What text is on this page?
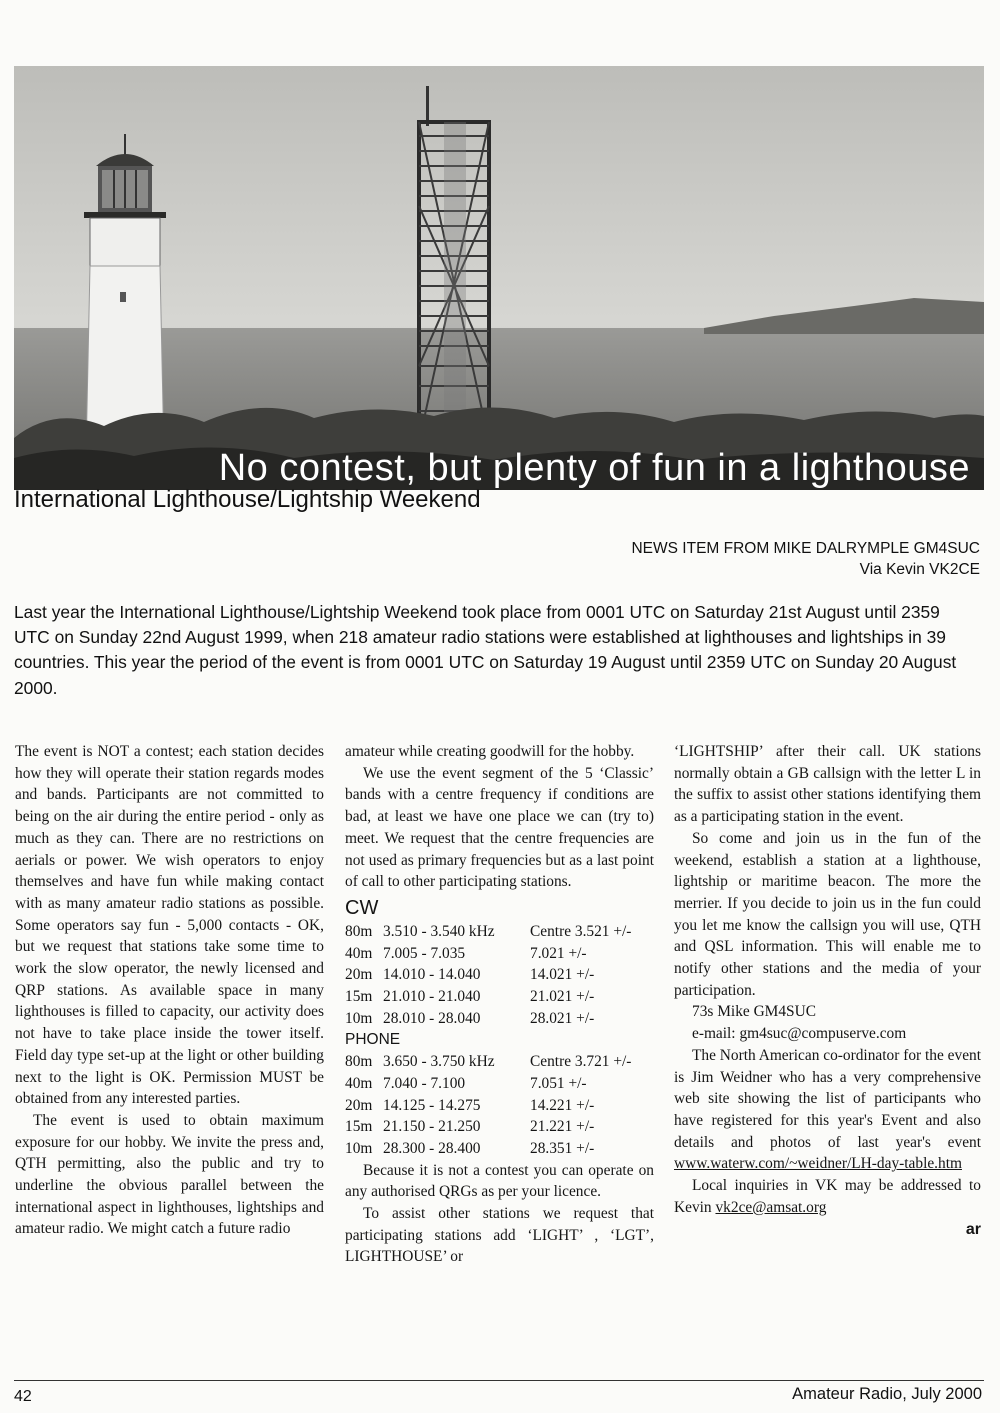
No contest, but plenty of fun in a lighthouse
International Lighthouse/Lightship Weekend
NEWS ITEM FROM MIKE DALRYMPLE GM4SUC
Via Kevin VK2CE
Last year the International Lighthouse/Lightship Weekend took place from 0001 UTC on Saturday 21st August until 2359 UTC on Sunday 22nd August 1999, when 218 amateur radio stations were established at lighthouses and lightships in 39 countries. This year the period of the event is from 0001 UTC on Saturday 19 August until 2359 UTC on Sunday 20 August 2000.

The event is NOT a contest; each station decides how they will operate their station regards modes and bands. Participants are not committed to being on the air during the entire period - only as much as they can. There are no restrictions on aerials or power. We wish operators to enjoy themselves and have fun while making contact with as many amateur radio stations as possible. Some operators say fun - 5,000 contacts - OK, but we request that stations take some time to work the slow operator, the newly licensed and QRP stations. As available space in many lighthouses is filled to capacity, our activity does not have to take place inside the tower itself. Field day type set-up at the light or other building next to the light is OK. Permission MUST be obtained from any interested parties.

The event is used to obtain maximum exposure for our hobby. We invite the press and, QTH permitting, also the public and try to underline the obvious parallel between the international aspect in lighthouses, lightships and amateur radio. We might catch a future radio

amateur while creating goodwill for the hobby.

We use the event segment of the 5 ‘Classic’ bands with a centre frequency if conditions are bad, at least we have one place we can (try to) meet. We request that the centre frequencies are not used as primary frequencies but as a last point of call to other participating stations.

CW
80m	3.510 - 3.540 kHz	Centre 3.521 +/-
40m	7.005 - 7.035	7.021 +/-
20m	14.010 - 14.040	14.021 +/-
15m	21.010 - 21.040	21.021 +/-
10m	28.010 - 28.040	28.021 +/-
PHONE
80m	3.650 - 3.750 kHz	Centre 3.721 +/-
40m	7.040 - 7.100	7.051 +/-
20m	14.125 - 14.275	14.221 +/-
15m	21.150 - 21.250	21.221 +/-
10m	28.300 - 28.400	28.351 +/-

Because it is not a contest you can operate on any authorised QRGs as per your licence.

To assist other stations we request that participating stations add ‘LIGHT’ , ‘LGT’, LIGHTHOUSE’ or

‘LIGHTSHIP’ after their call. UK stations normally obtain a GB callsign with the letter L in the suffix to assist other stations identifying them as a participating station in the event.

So come and join us in the fun of the weekend, establish a station at a lighthouse, lightship or maritime beacon. The more the merrier. If you decide to join us in the fun could you let me know the callsign you will use, QTH and QSL information. This will enable me to notify other stations and the media of your participation.

73s Mike GM4SUC

e-mail: gm4suc@compuserve.com

The North American co-ordinator for the event is Jim Weidner who has a very comprehensive web site showing the list of participants who have registered for this year's Event and also details and photos of last year's event www.waterw.com/~weidner/LH-day-table.htm

Local inquiries in VK may be addressed to Kevin vk2ce@amsat.org

ar
42	Amateur Radio, July 2000
